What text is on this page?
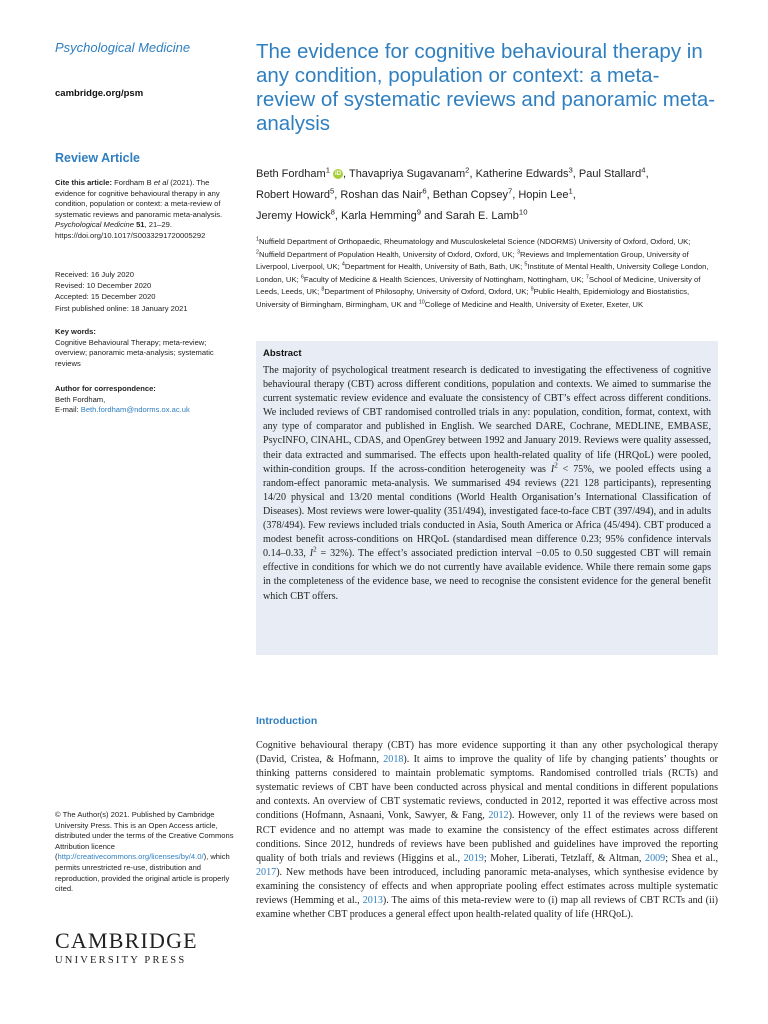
Psychological Medicine
cambridge.org/psm
Review Article
Cite this article: Fordham B et al (2021). The evidence for cognitive behavioural therapy in any condition, population or context: a meta-review of systematic reviews and panoramic meta-analysis. Psychological Medicine 51, 21–29. https://doi.org/10.1017/S0033291720005292
Received: 16 July 2020
Revised: 10 December 2020
Accepted: 15 December 2020
First published online: 18 January 2021
Key words:
Cognitive Behavioural Therapy; meta-review; overview; panoramic meta-analysis; systematic reviews
Author for correspondence:
Beth Fordham,
E-mail: Beth.fordham@ndorms.ox.ac.uk
© The Author(s) 2021. Published by Cambridge University Press. This is an Open Access article, distributed under the terms of the Creative Commons Attribution licence (http://creativecommons.org/licenses/by/4.0/), which permits unrestricted re-use, distribution and reproduction, provided the original article is properly cited.
CAMBRIDGE
UNIVERSITY PRESS
The evidence for cognitive behavioural therapy in any condition, population or context: a meta-review of systematic reviews and panoramic meta-analysis
Beth Fordham$^1$ iD , Thavapriya Sugavanam$^2$, Katherine Edwards$^3$, Paul Stallard$^4$,
Robert Howard$^5$, Roshan das Nair$^6$, Bethan Copsey$^7$, Hopin Lee$^1$,
Jeremy Howick$^8$, Karla Hemming$^9$ and Sarah E. Lamb$^{10}$
$^1$Nuffield Department of Orthopaedic, Rheumatology and Musculoskeletal Science (NDORMS) University of Oxford, Oxford, UK; $^2$Nuffield Department of Population Health, University of Oxford, Oxford, UK; $^3$Reviews and Implementation Group, University of Liverpool, Liverpool, UK; $^4$Department for Health, University of Bath, Bath, UK; $^5$Institute of Mental Health, University College London, London, UK; $^6$Faculty of Medicine & Health Sciences, University of Nottingham, Nottingham, UK; $^7$School of Medicine, University of Leeds, Leeds, UK; $^8$Department of Philosophy, University of Oxford, Oxford, UK; $^9$Public Health, Epidemiology and Biostatistics, University of Birmingham, Birmingham, UK and $^{10}$College of Medicine and Health, University of Exeter, Exeter, UK
Abstract

The majority of psychological treatment research is dedicated to investigating the effectiveness of cognitive behavioural therapy (CBT) across different conditions, population and contexts. We aimed to summarise the current systematic review evidence and evaluate the consistency of CBT’s effect across different conditions. We included reviews of CBT randomised controlled trials in any: population, condition, format, context, with any type of comparator and published in English. We searched DARE, Cochrane, MEDLINE, EMBASE, PsycINFO, CINAHL, CDAS, and OpenGrey between 1992 and January 2019. Reviews were quality assessed, their data extracted and summarised. The effects upon health-related quality of life (HRQoL) were pooled, within-condition groups. If the across-condition heterogeneity was $I^2 < 75\%$, we pooled effects using a random-effect panoramic meta-analysis. We summarised 494 reviews (221 128 participants), representing 14/20 physical and 13/20 mental conditions (World Health Organisation’s International Classification of Diseases). Most reviews were lower-quality (351/494), investigated face-to-face CBT (397/494), and in adults (378/494). Few reviews included trials conducted in Asia, South America or Africa (45/494). CBT produced a modest benefit across-conditions on HRQoL (standardised mean difference 0.23; 95% confidence intervals 0.14–0.33, $I^2 = 32\%$). The effect’s associated prediction interval −0.05 to 0.50 suggested CBT will remain effective in conditions for which we do not currently have available evidence. While there remain some gaps in the completeness of the evidence base, we need to recognise the consistent evidence for the general benefit which CBT offers.

Introduction

Cognitive behavioural therapy (CBT) has more evidence supporting it than any other psychological therapy (David, Cristea, & Hofmann, 2018). It aims to improve the quality of life by changing patients’ thoughts or thinking patterns considered to maintain problematic symptoms. Randomised controlled trials (RCTs) and systematic reviews of CBT have been conducted across physical and mental conditions in different populations and contexts. An overview of CBT systematic reviews, conducted in 2012, reported it was effective across most conditions (Hofmann, Asnaani, Vonk, Sawyer, & Fang, 2012). However, only 11 of the reviews were based on RCT evidence and no attempt was made to examine the consistency of the effect estimates across different conditions. Since 2012, hundreds of reviews have been published and guidelines have improved the reporting quality of both trials and reviews (Higgins et al., 2019; Moher, Liberati, Tetzlaff, & Altman, 2009; Shea et al., 2017). New methods have been introduced, including panoramic meta-analyses, which synthesise evidence by examining the consistency of effects and when appropriate pooling effect estimates across multiple systematic reviews (Hemming et al., 2013). The aims of this meta-review were to (i) map all reviews of CBT RCTs and (ii) examine whether CBT produces a general effect upon health-related quality of life (HRQoL).
